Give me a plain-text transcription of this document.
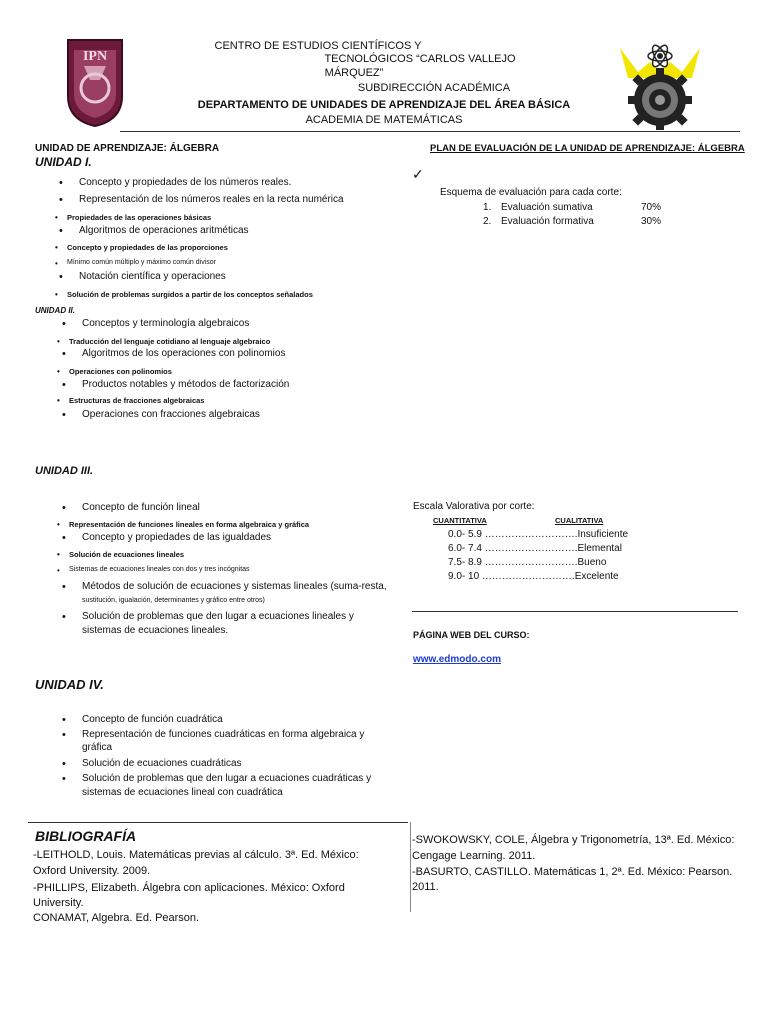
IPN
CENTRO DE ESTUDIOS CIENTÍFICOS Y
TECNOLÓGICOS “CARLOS VALLEJO
MÁRQUEZ”
SUBDIRECCIÓN ACADÉMICA
DEPARTAMENTO DE UNIDADES DE APRENDIZAJE DEL ÁREA BÁSICA
ACADEMIA DE MATEMÁTICAS
UNIDAD DE APRENDIZAJE: ÁLGEBRA
UNIDAD I.
• Concepto y propiedades de los números reales.
• Representación de los números reales en la recta numérica
• Propiedades de las operaciones básicas
• Algoritmos de operaciones aritméticas
• Concepto y propiedades de las proporciones
• Mínimo común múltiplo y máximo común divisor
• Notación científica y operaciones
• Solución de problemas surgidos a partir de los conceptos señalados
UNIDAD II.
• Conceptos y terminología algebraicos
• Traducción del lenguaje cotidiano al lenguaje algebraico
• Algoritmos de los operaciones con polinomios
• Operaciones con polinomios
• Productos notables y métodos de factorización
• Estructuras de fracciones algebraicas
• Operaciones con fracciones algebraicas
UNIDAD III.
• Concepto de función lineal
• Representación de funciones lineales en forma algebraica y gráfica
• Concepto y propiedades de las igualdades
• Solución de ecuaciones lineales
• Sistemas de ecuaciones lineales con dos y tres incógnitas
• Métodos de solución de ecuaciones y sistemas lineales (suma-resta,
sustitución, igualación, determinantes y gráfico entre otros)
• Solución de problemas que den lugar a ecuaciones lineales y
sistemas de ecuaciones lineales.
UNIDAD IV.
• Concepto de función cuadrática
• Representación de funciones cuadráticas en forma algebraica y
gráfica
• Solución de ecuaciones cuadráticas
• Solución de problemas que den lugar a ecuaciones cuadráticas y
sistemas de ecuaciones lineal con cuadrática
PLAN DE EVALUACIÓN DE LA UNIDAD DE APRENDIZAJE: ÁLGEBRA
✓
Esquema de evaluación para cada corte:
1. Evaluación sumativa	70%
2. Evaluación formativa	30%
Escala Valorativa por corte:
CUANTITATIVA	CUALITATIVA
0.0- 5.9 ……………………….Insuficiente
6.0- 7.4 ……………………….Elemental
7.5- 8.9 ……………………….Bueno
9.0- 10 ……………………….Excelente
PÁGINA WEB DEL CURSO:
www.edmodo.com
BIBLIOGRAFÍA
-LEITHOLD, Louis. Matemáticas previas al cálculo. 3ª. Ed. México:
Oxford University. 2009.
-PHILLIPS, Elizabeth. Álgebra con aplicaciones. México: Oxford
University.
CONAMAT, Algebra. Ed. Pearson.
-SWOKOWSKY, COLE, Álgebra y Trigonometría, 13ª. Ed. México:
Cengage Learning. 2011.
-BASURTO, CASTILLO. Matemáticas 1, 2ª. Ed. México: Pearson.
2011.
